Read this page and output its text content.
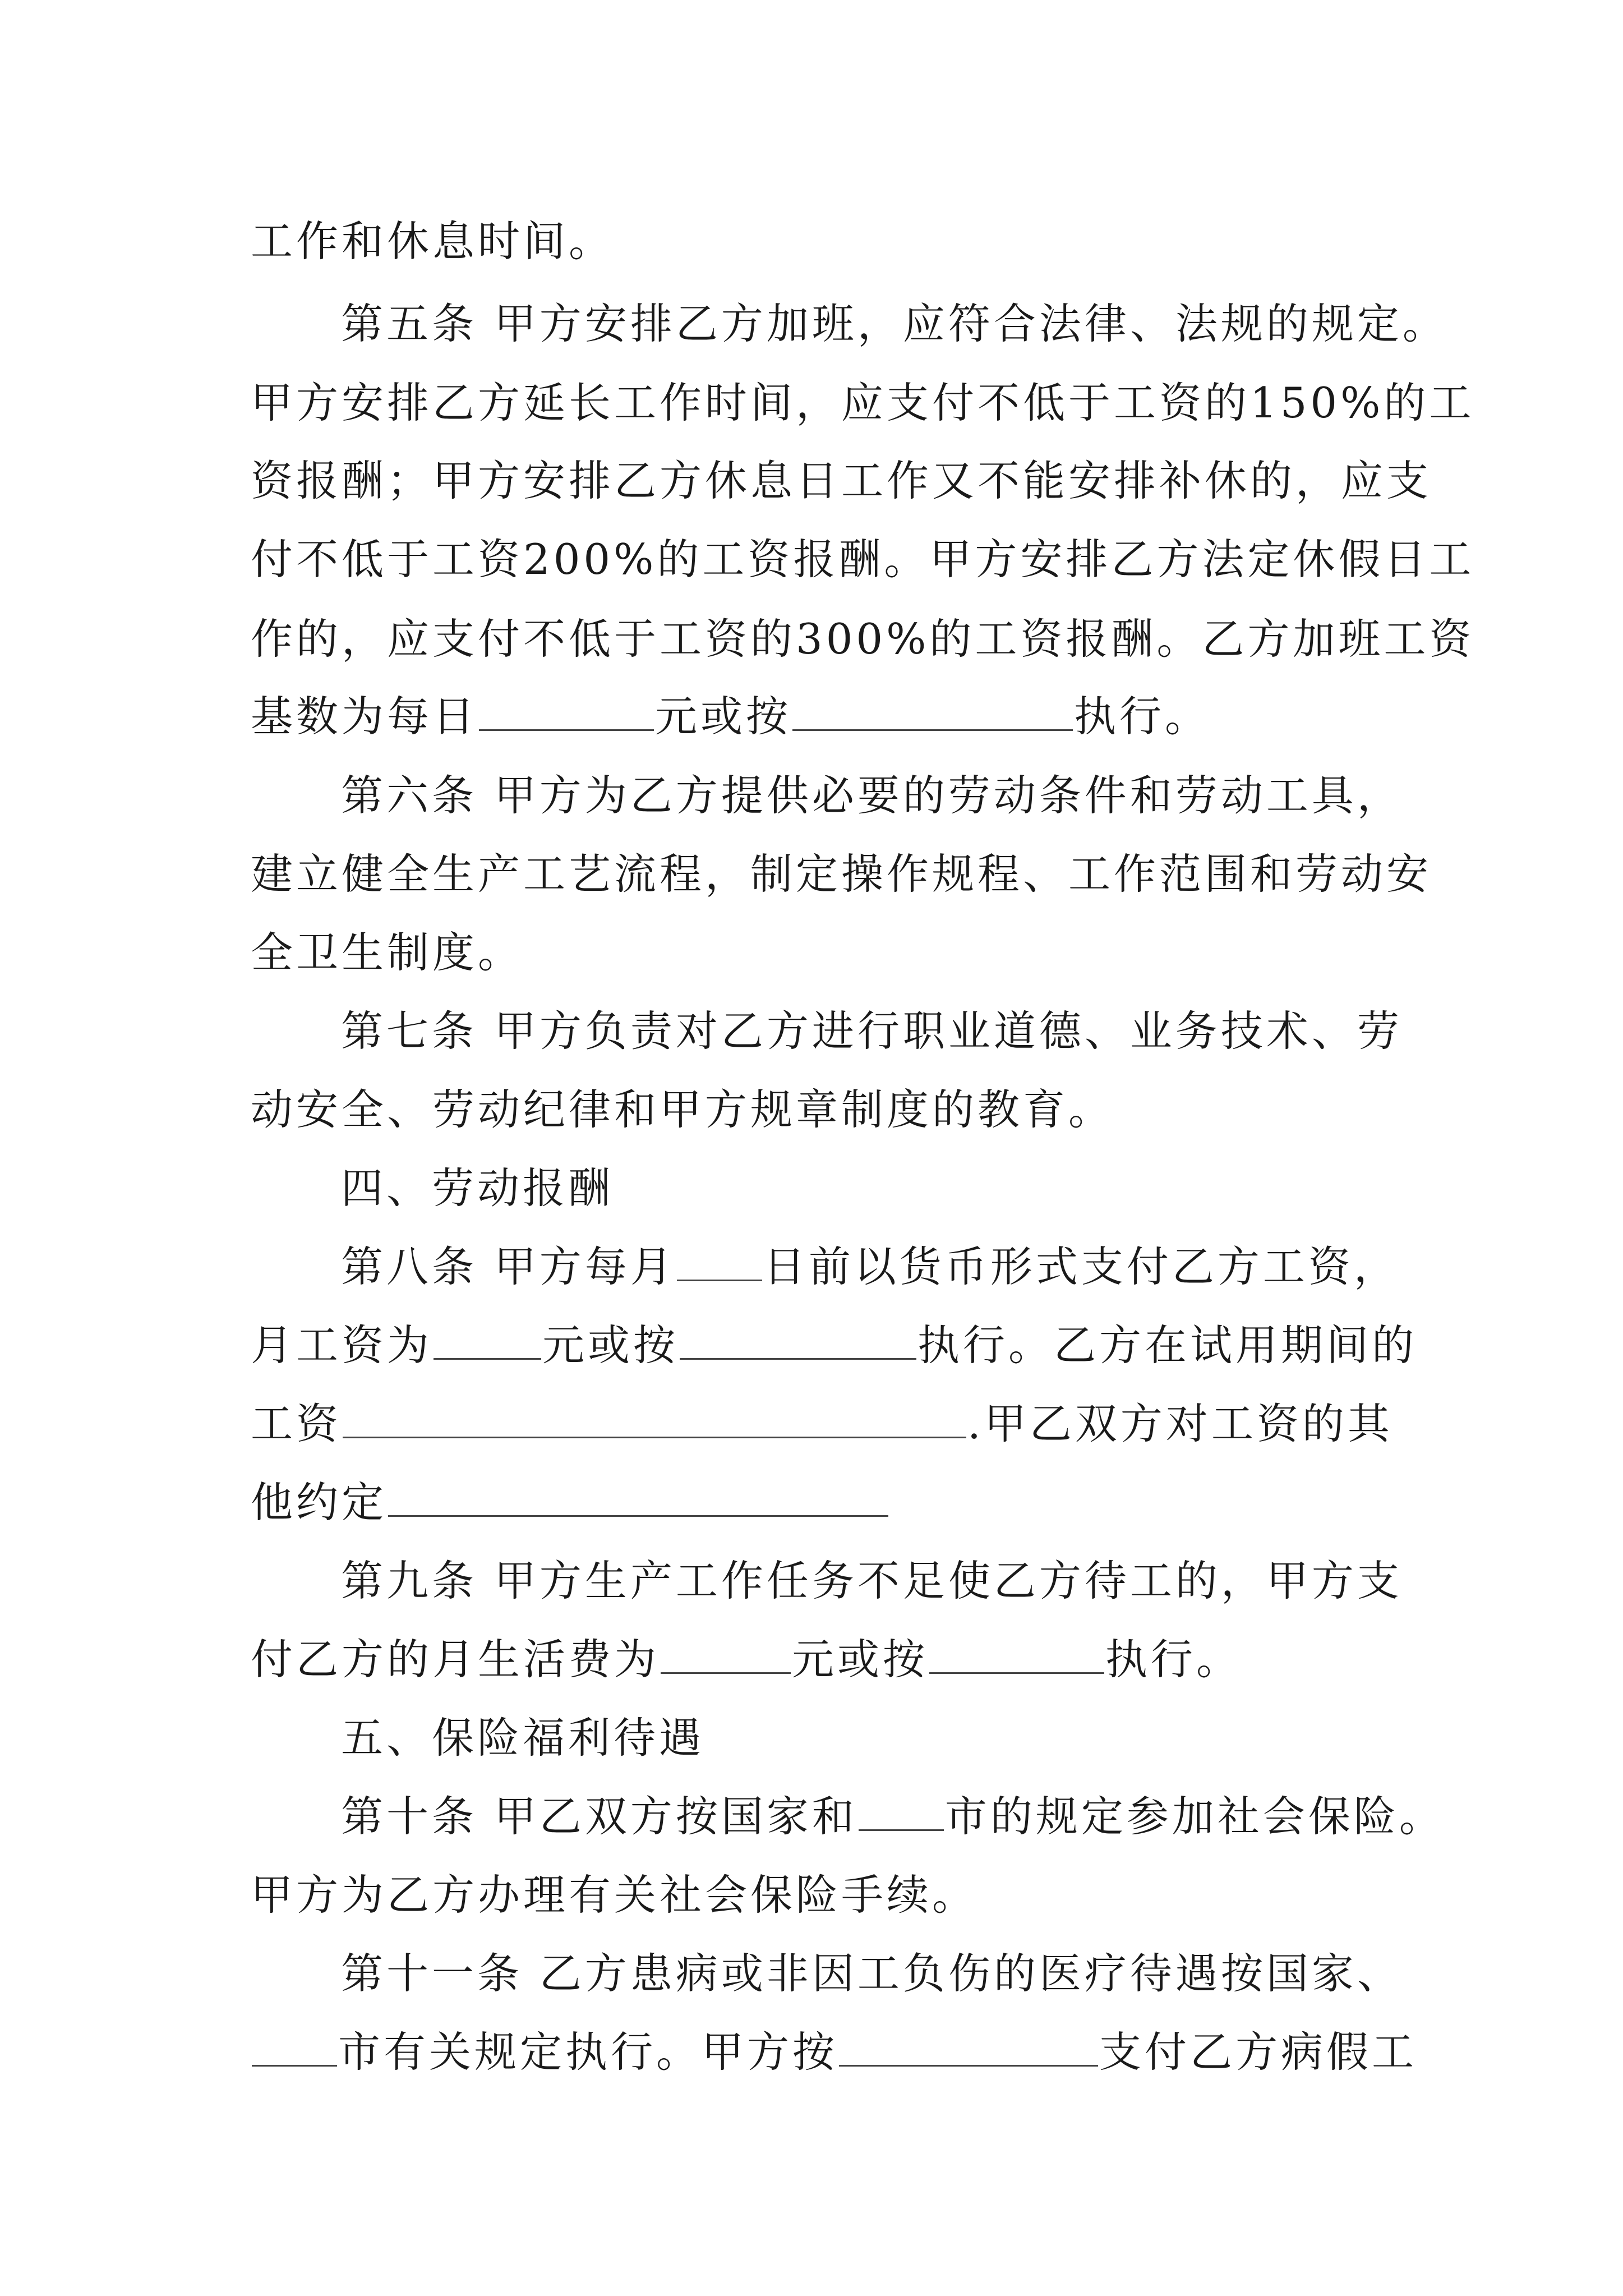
工作和休息时间。
第五条 甲方安排乙方加班，应符合法律、法规的规定。
甲方安排乙方延长工作时间，应支付不低于工资的150%的工
资报酬；甲方安排乙方休息日工作又不能安排补休的，应支
付不低于工资200%的工资报酬。甲方安排乙方法定休假日工
作的，应支付不低于工资的300%的工资报酬。乙方加班工资
基数为每日	元或按	执行。
第六条 甲方为乙方提供必要的劳动条件和劳动工具，
建立健全生产工艺流程，制定操作规程、工作范围和劳动安
全卫生制度。
第七条 甲方负责对乙方进行职业道德、业务技术、劳
动安全、劳动纪律和甲方规章制度的教育。
四、劳动报酬
第八条 甲方每月 日前以货币形式支付乙方工资，
月工资为	元或按	执行。乙方在试用期间的
工资	.甲乙双方对工资的其
他约定
第九条 甲方生产工作任务不足使乙方待工的，甲方支
付乙方的月生活费为	元或按	执行。
五、保险福利待遇
第十条 甲乙双方按国家和 市的规定参加社会保险。
甲方为乙方办理有关社会保险手续。
第十一条 乙方患病或非因工负伤的医疗待遇按国家、
市有关规定执行。甲方按	支付乙方病假工
